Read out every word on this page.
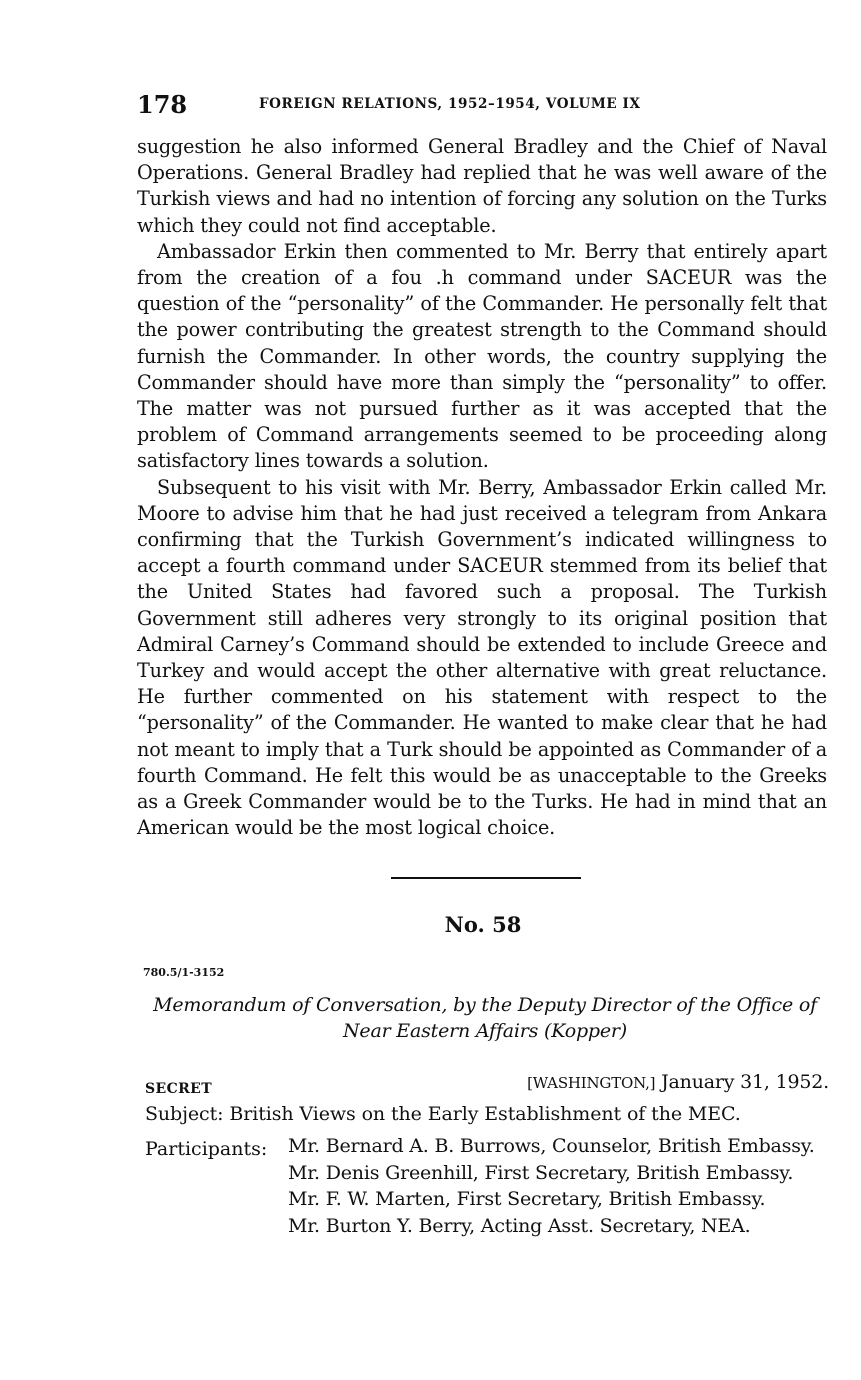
178	FOREIGN RELATIONS, 1952–1954, VOLUME IX

suggestion he also informed General Bradley and the Chief of Naval Operations. General Bradley had replied that he was well aware of the Turkish views and had no intention of forcing any solution on the Turks which they could not find acceptable.

Ambassador Erkin then commented to Mr. Berry that entirely apart from the creation of a fou .h command under SACEUR was the question of the “personality” of the Commander. He personally felt that the power contributing the greatest strength to the Command should furnish the Commander. In other words, the country supplying the Commander should have more than simply the “personality” to offer. The matter was not pursued further as it was accepted that the problem of Command arrangements seemed to be proceeding along satisfactory lines towards a solution.

Subsequent to his visit with Mr. Berry, Ambassador Erkin called Mr. Moore to advise him that he had just received a telegram from Ankara confirming that the Turkish Government’s indicated willingness to accept a fourth command under SACEUR stemmed from its belief that the United States had favored such a proposal. The Turkish Government still adheres very strongly to its original position that Admiral Carney’s Command should be extended to include Greece and Turkey and would accept the other alternative with great reluctance. He further commented on his statement with respect to the “personality” of the Commander. He wanted to make clear that he had not meant to imply that a Turk should be appointed as Commander of a fourth Command. He felt this would be as unacceptable to the Greeks as a Greek Commander would be to the Turks. He had in mind that an American would be the most logical choice.

No. 58
780.5/1-3152
Memorandum of Conversation, by the Deputy Director of the Office of Near Eastern Affairs (Kopper)
SECRET	[WASHINGTON,] January 31, 1952.
Subject: British Views on the Early Establishment of the MEC.
Participants: Mr. Bernard A. B. Burrows, Counselor, British Embassy.
Mr. Denis Greenhill, First Secretary, British Embassy.
Mr. F. W. Marten, First Secretary, British Embassy.
Mr. Burton Y. Berry, Acting Asst. Secretary, NEA.
